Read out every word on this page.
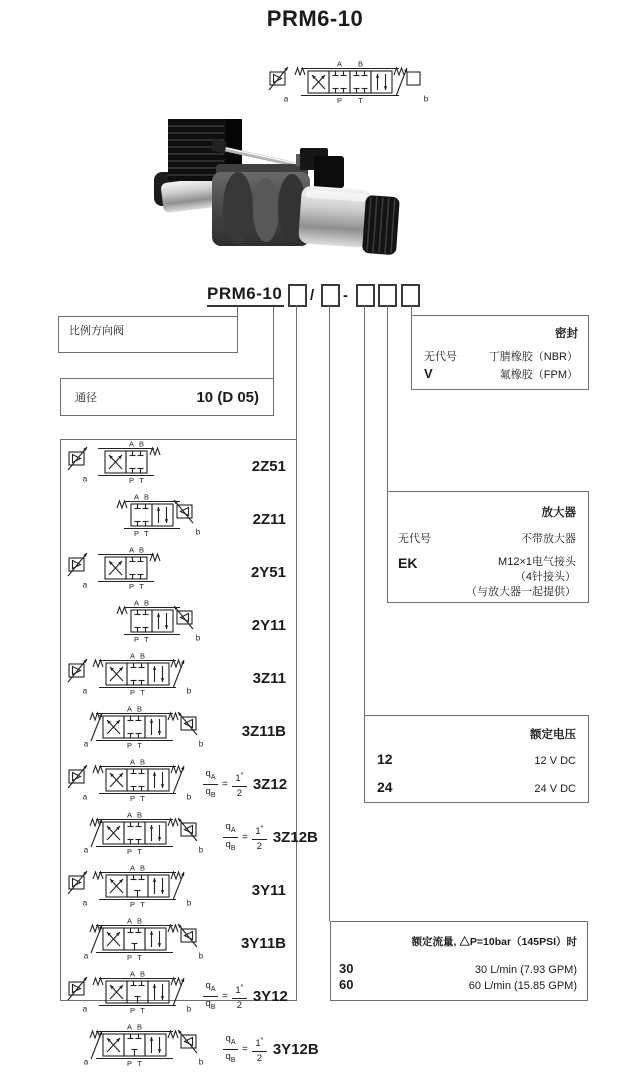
PRM6-10
a	b
A B
P T
PRM6-10 / -
比例方向阀
通径	10 (D 05)
密封
无代号	丁腈橡胶（NBR）
V	氟橡胶（FPM）
放大器
无代号	不带放大器
EK	M12×1电气接头
（4针接头）
（与放大器一起提供）
额定电压
12	12 V DC
24	24 V DC
额定流量, △P=10bar（145PSI）时
30	30 L/min (7.93 GPM)
60	60 L/min (15.85 GPM)
a
A B
P T
2Z51
b
A B
P T
2Z11
a
A B
P T
2Y51
b
A B
P T
2Y11
a	b
A B
P T
3Z11
a	b
A B
P T
3Z11B
a	b
A B
P T
$q_A$
$q_B$
= 1*
2
3Z12
a	b
A B
P T
$q_A$
$q_B$
= 1*
2
3Z12B
a	b
A B
P T
3Y11
a	b
A B
P T
3Y11B
a	b
A B
P T
$q_A$
$q_B$
= 1*
2
3Y12
a	b
A B
P T
$q_A$
$q_B$
= 1*
2
3Y12B
